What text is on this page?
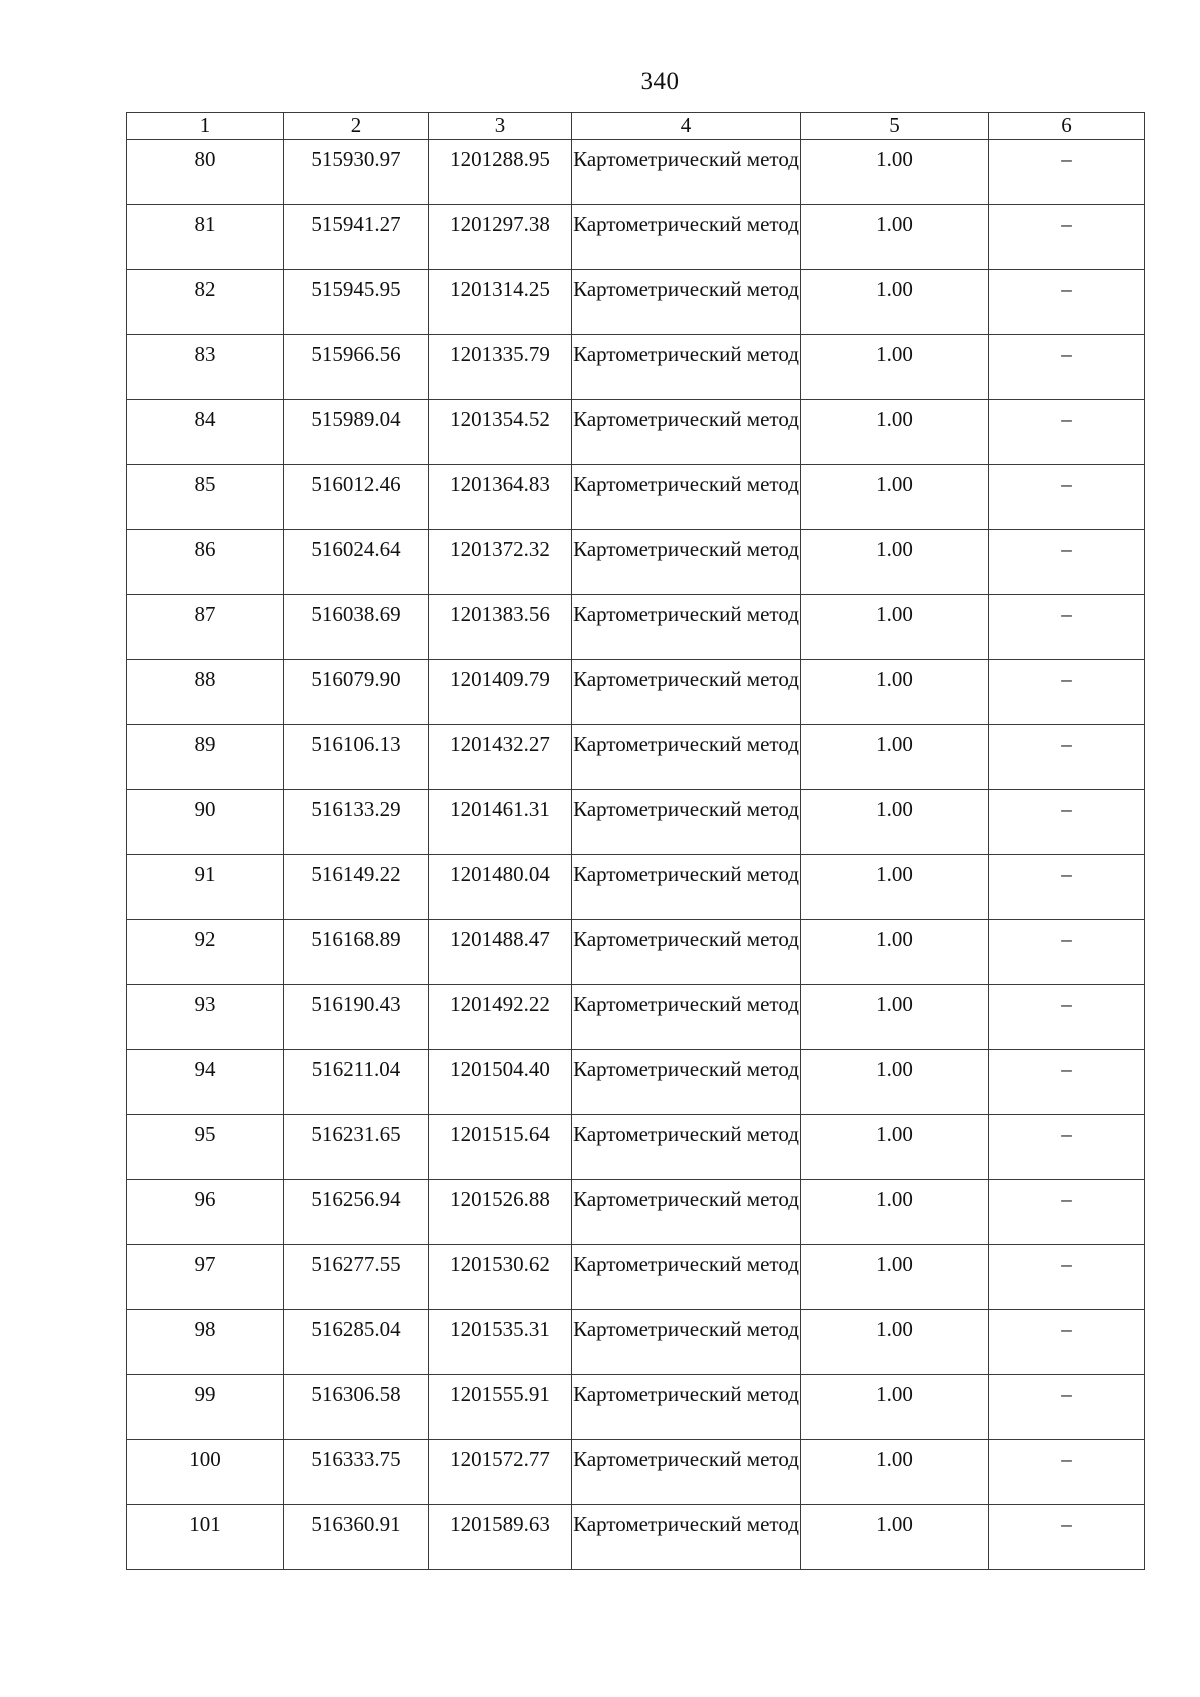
340
1	2	3	4	5	6
80	515930.97	1201288.95	Картометрический метод	1.00	–
81	515941.27	1201297.38	Картометрический метод	1.00	–
82	515945.95	1201314.25	Картометрический метод	1.00	–
83	515966.56	1201335.79	Картометрический метод	1.00	–
84	515989.04	1201354.52	Картометрический метод	1.00	–
85	516012.46	1201364.83	Картометрический метод	1.00	–
86	516024.64	1201372.32	Картометрический метод	1.00	–
87	516038.69	1201383.56	Картометрический метод	1.00	–
88	516079.90	1201409.79	Картометрический метод	1.00	–
89	516106.13	1201432.27	Картометрический метод	1.00	–
90	516133.29	1201461.31	Картометрический метод	1.00	–
91	516149.22	1201480.04	Картометрический метод	1.00	–
92	516168.89	1201488.47	Картометрический метод	1.00	–
93	516190.43	1201492.22	Картометрический метод	1.00	–
94	516211.04	1201504.40	Картометрический метод	1.00	–
95	516231.65	1201515.64	Картометрический метод	1.00	–
96	516256.94	1201526.88	Картометрический метод	1.00	–
97	516277.55	1201530.62	Картометрический метод	1.00	–
98	516285.04	1201535.31	Картометрический метод	1.00	–
99	516306.58	1201555.91	Картометрический метод	1.00	–
100	516333.75	1201572.77	Картометрический метод	1.00	–
101	516360.91	1201589.63	Картометрический метод	1.00	–
